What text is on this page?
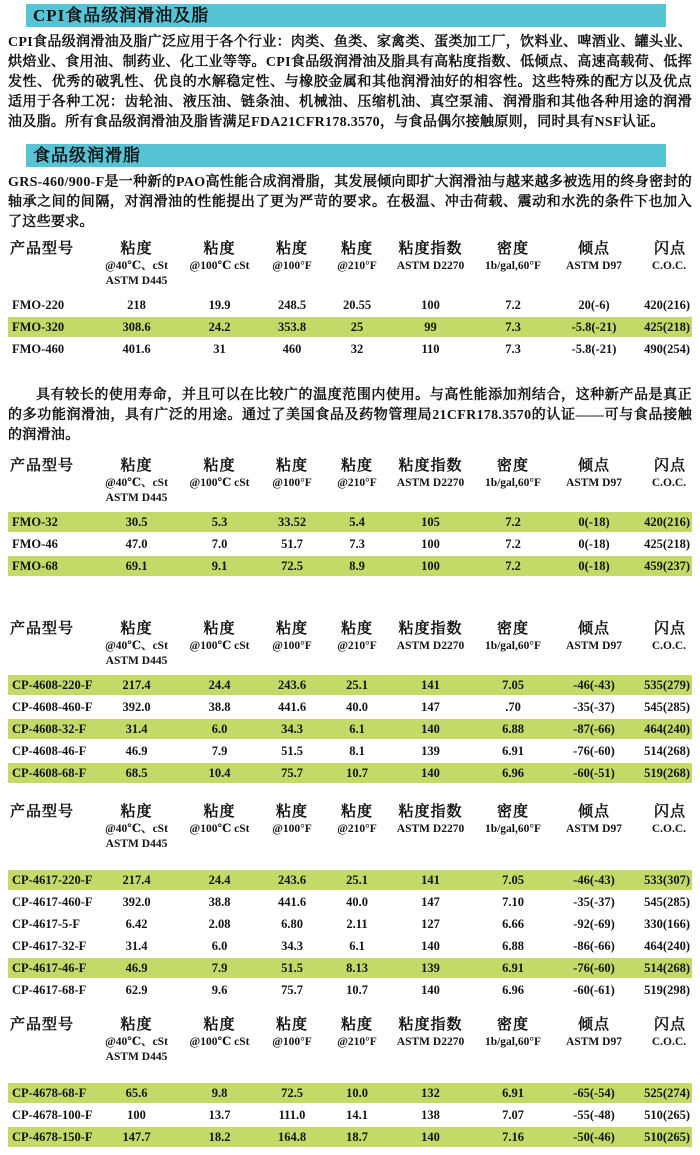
CPI食品级润滑油及脂

CPI食品级润滑油及脂广泛应用于各个行业：肉类、鱼类、家禽类、蛋类加工厂，饮料业、啤酒业、罐头业、烘焙业、食用油、制药业、化工业等等。CPI食品级润滑油及脂具有高粘度指数、低倾点、高速高载荷、低挥发性、优秀的破乳性、优良的水解稳定性、与橡胶金属和其他润滑油好的相容性。这些特殊的配方以及优点适用于各种工况：齿轮油、液压油、链条油、机械油、压缩机油、真空泵浦、润滑脂和其他各种用途的润滑油及脂。所有食品级润滑油及脂皆满足FDA21CFR178.3570，与食品偶尔接触原则，同时具有NSF认证。

食品级润滑脂

GRS-460/900-F是一种新的PAO高性能合成润滑脂，其发展倾向即扩大润滑油与越来越多被选用的终身密封的轴承之间的间隔，对润滑油的性能提出了更为严苛的要求。在极温、冲击荷载、震动和水洗的条件下也加入了这些要求。

产品型号	粘度
@40℃、cSt
ASTM D445

粘度
@100℃ cSt

粘度
@100°F

粘度
@210°F

粘度指数
ASTM D2270

密度
1b/gal,60°F

倾点
ASTM D97

闪点
C.O.C.

FMO-220	218	19.9	248.5	20.55	100	7.2	20(-6)	420(216)
FMO-320	308.6	24.2	353.8	25	99	7.3	-5.8(-21)	425(218)
FMO-460	401.6	31	460	32	110	7.3	-5.8(-21)	490(254)

具有较长的使用寿命，并且可以在比较广的温度范围内使用。与高性能添加剂结合，这种新产品是真正的多功能润滑油，具有广泛的用途。通过了美国食品及药物管理局21CFR178.3570的认证——可与食品接触的润滑油。

产品型号	粘度
@40℃、cSt
ASTM D445

粘度
@100℃ cSt

粘度
@100°F

粘度
@210°F

粘度指数
ASTM D2270

密度
1b/gal,60°F

倾点
ASTM D97

闪点
C.O.C.

FMO-32	30.5	5.3	33.52	5.4	105	7.2	0(-18)	420(216)
FMO-46	47.0	7.0	51.7	7.3	100	7.2	0(-18)	425(218)
FMO-68	69.1	9.1	72.5	8.9	100	7.2	0(-18)	459(237)
产品型号	粘度
@40℃、cSt
ASTM D445

粘度
@100℃ cSt

粘度
@100°F

粘度
@210°F

粘度指数
ASTM D2270

密度
1b/gal,60°F

倾点
ASTM D97

闪点
C.O.C.

CP-4608-220-F	217.4	24.4	243.6	25.1	141	7.05	-46(-43)	535(279)
CP-4608-460-F	392.0	38.8	441.6	40.0	147	.70	-35(-37)	545(285)
CP-4608-32-F	31.4	6.0	34.3	6.1	140	6.88	-87(-66)	464(240)
CP-4608-46-F	46.9	7.9	51.5	8.1	139	6.91	-76(-60)	514(268)
CP-4608-68-F	68.5	10.4	75.7	10.7	140	6.96	-60(-51)	519(268)
产品型号	粘度
@40℃、cSt
ASTM D445

粘度
@100℃ cSt

粘度
@100°F

粘度
@210°F

粘度指数
ASTM D2270

密度
1b/gal,60°F

倾点
ASTM D97

闪点
C.O.C.

CP-4617-220-F	217.4	24.4	243.6	25.1	141	7.05	-46(-43)	533(307)
CP-4617-460-F	392.0	38.8	441.6	40.0	147	7.10	-35(-37)	545(285)
CP-4617-5-F	6.42	2.08	6.80	2.11	127	6.66	-92(-69)	330(166)
CP-4617-32-F	31.4	6.0	34.3	6.1	140	6.88	-86(-66)	464(240)
CP-4617-46-F	46.9	7.9	51.5	8.13	139	6.91	-76(-60)	514(268)
CP-4617-68-F	62.9	9.6	75.7	10.7	140	6.96	-60(-61)	519(298)
产品型号	粘度
@40℃、cSt
ASTM D445

粘度
@100℃ cSt

粘度
@100°F

粘度
@210°F

粘度指数
ASTM D2270

密度
1b/gal,60°F

倾点
ASTM D97

闪点
C.O.C.

CP-4678-68-F	65.6	9.8	72.5	10.0	132	6.91	-65(-54)	525(274)
CP-4678-100-F	100	13.7	111.0	14.1	138	7.07	-55(-48)	510(265)
CP-4678-150-F	147.7	18.2	164.8	18.7	140	7.16	-50(-46)	510(265)
